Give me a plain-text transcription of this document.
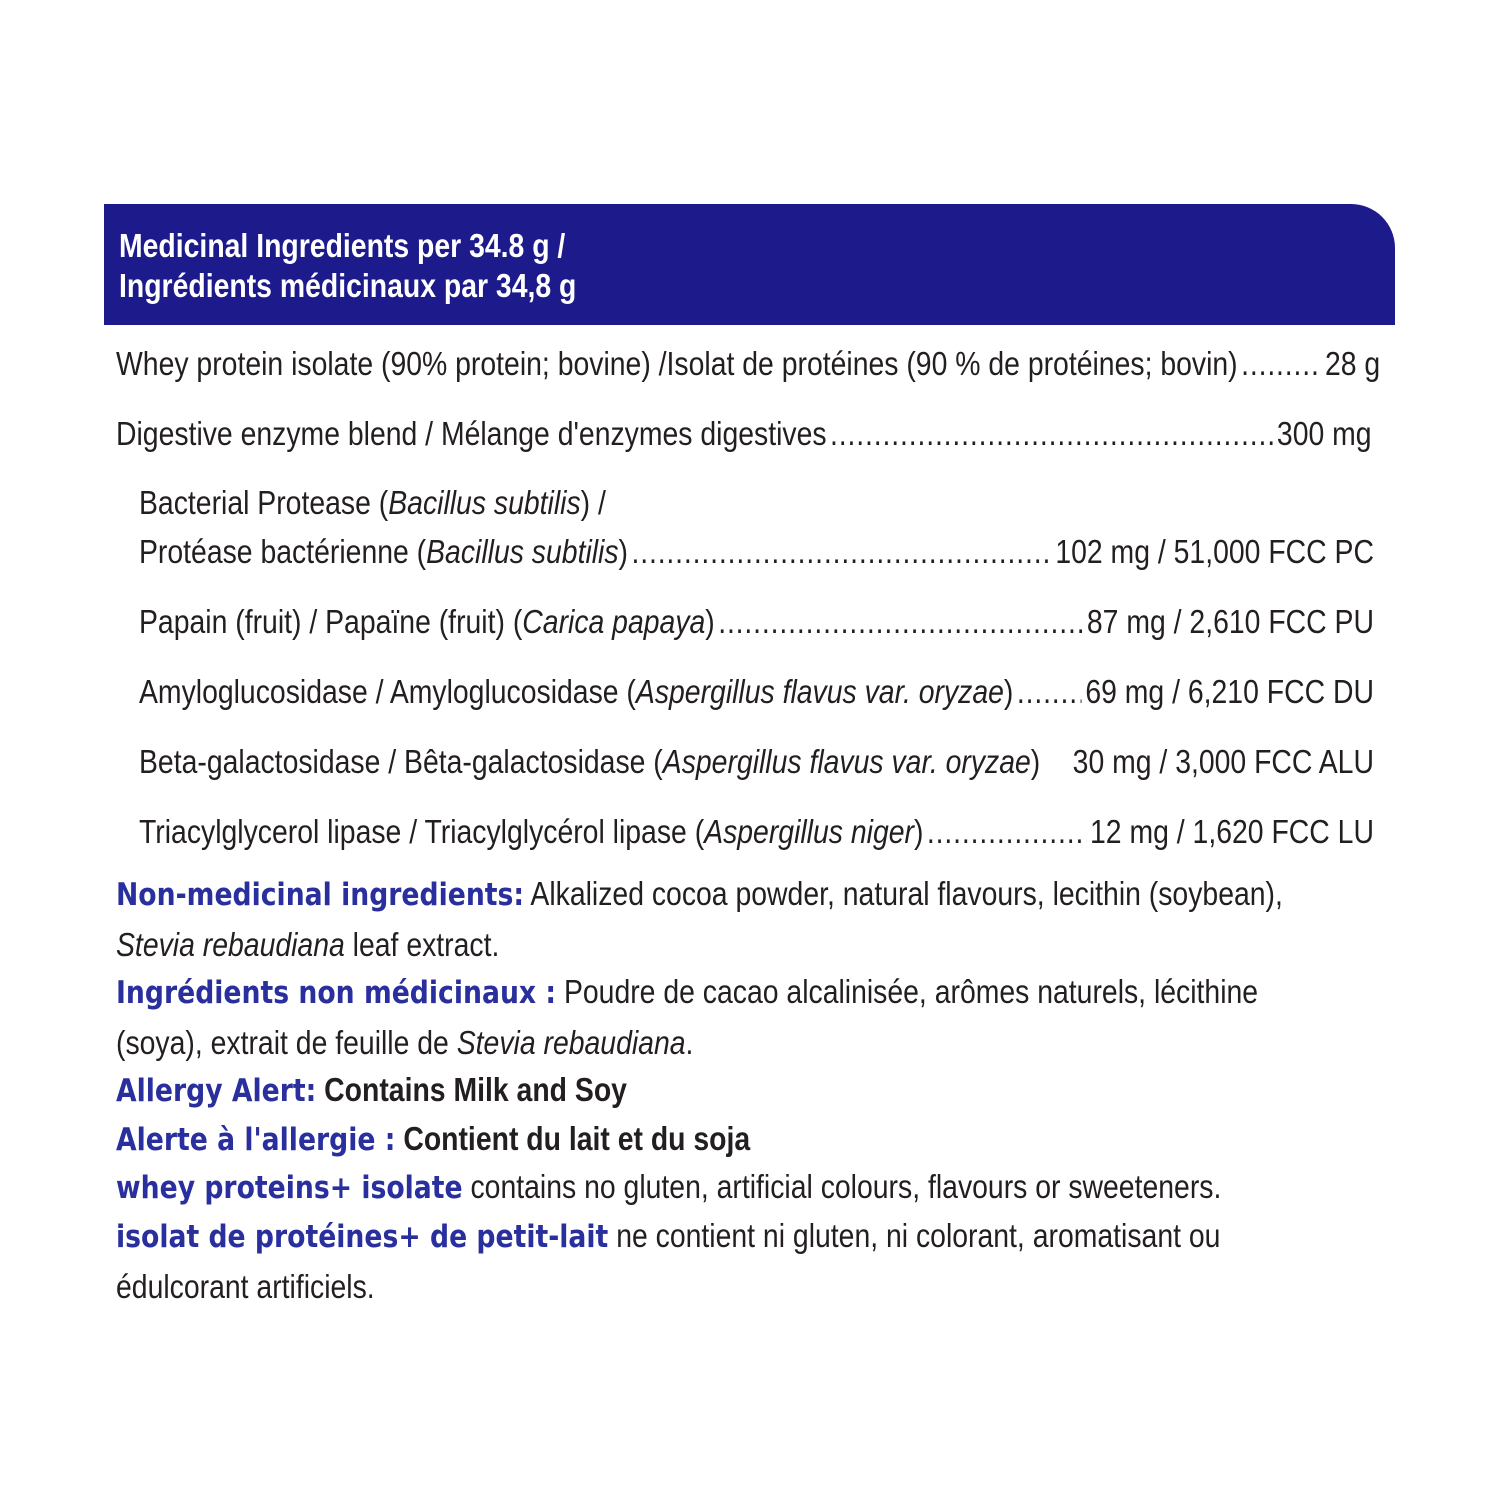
Medicinal Ingredients per 34.8 g /
Ingrédients médicinaux par 34,8 g
Whey protein isolate (90% protein; bovine) /Isolat de protéines (90 % de protéines; bovin) .....	28 g
Digestive enzyme blend / Mélange d'enzymes digestives .....	300 mg
Bacterial Protease ( Bacillus subtilis ) /
Protéase bactérienne ( Bacillus subtilis ) .....	102 mg / 51,000 FCC PC
Papain (fruit) / Papaïne (fruit) ( Carica papaya ) .....	87 mg / 2,610 FCC PU
Amyloglucosidase / Amyloglucosidase ( Aspergillus flavus var. oryzae ) ..... 69 mg / 6,210 FCC DU
Beta-galactosidase / Bêta-galactosidase ( Aspergillus flavus var. oryzae ) 30 mg / 3,000 FCC ALU
Triacylglycerol lipase / Triacylglycérol lipase ( Aspergillus niger ) .....	12 mg / 1,620 FCC LU
Non-medicinal ingredients: Alkalized cocoa powder, natural flavours, lecithin (soybean),
Stevia rebaudiana leaf extract.
Ingrédients non médicinaux : Poudre de cacao alcalinisée, arômes naturels, lécithine
(soya), extrait de feuille de Stevia rebaudiana.
Allergy Alert: Contains Milk and Soy
Alerte à l'allergie : Contient du lait et du soja
whey proteins+ isolate contains no gluten, artificial colours, flavours or sweeteners.
isolat de protéines+ de petit-lait ne contient ni gluten, ni colorant, aromatisant ou
édulcorant artificiels.
